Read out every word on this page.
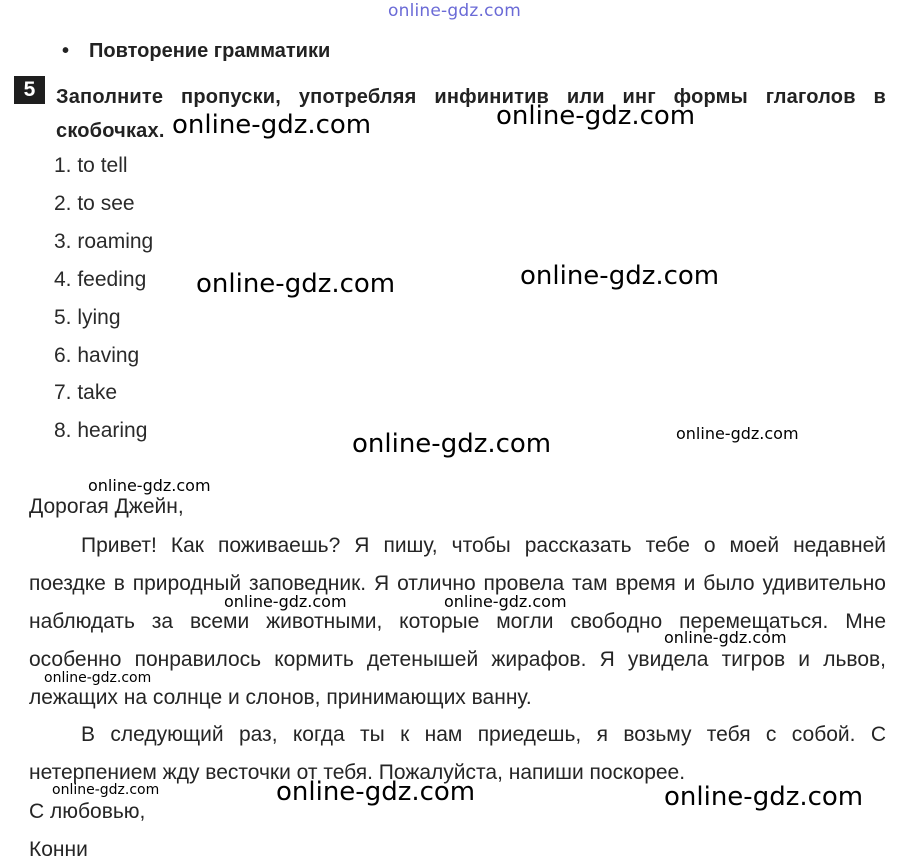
online-gdz.com
• Повторение грамматики
5	Заполните пропуски, употребляя инфинитив или инг формы глаголов в скобочках.
1. to tell
2. to see
3. roaming
4. feeding
5. lying
6. having
7. take
8. hearing
Дорогая Джейн,
Привет! Как поживаешь? Я пишу, чтобы рассказать тебе о моей недавней поездке в природный заповедник. Я отлично провела там время и было удивительно наблюдать за всеми животными, которые могли свободно перемещаться. Мне особенно понравилось кормить детенышей жирафов. Я увидела тигров и львов, лежащих на солнце и слонов, принимающих ванну.
В следующий раз, когда ты к нам приедешь, я возьму тебя с собой. С нетерпением жду весточки от тебя. Пожалуйста, напиши поскорее.
С любовью,
Конни
online-gdz.com	online-gdz.com
online-gdz.com	online-gdz.com
online-gdz.com	online-gdz.com
online-gdz.com
online-gdz.com	online-gdz.com
online-gdz.com
online-gdz.com
online-gdz.com	online-gdz.com	online-gdz.com
